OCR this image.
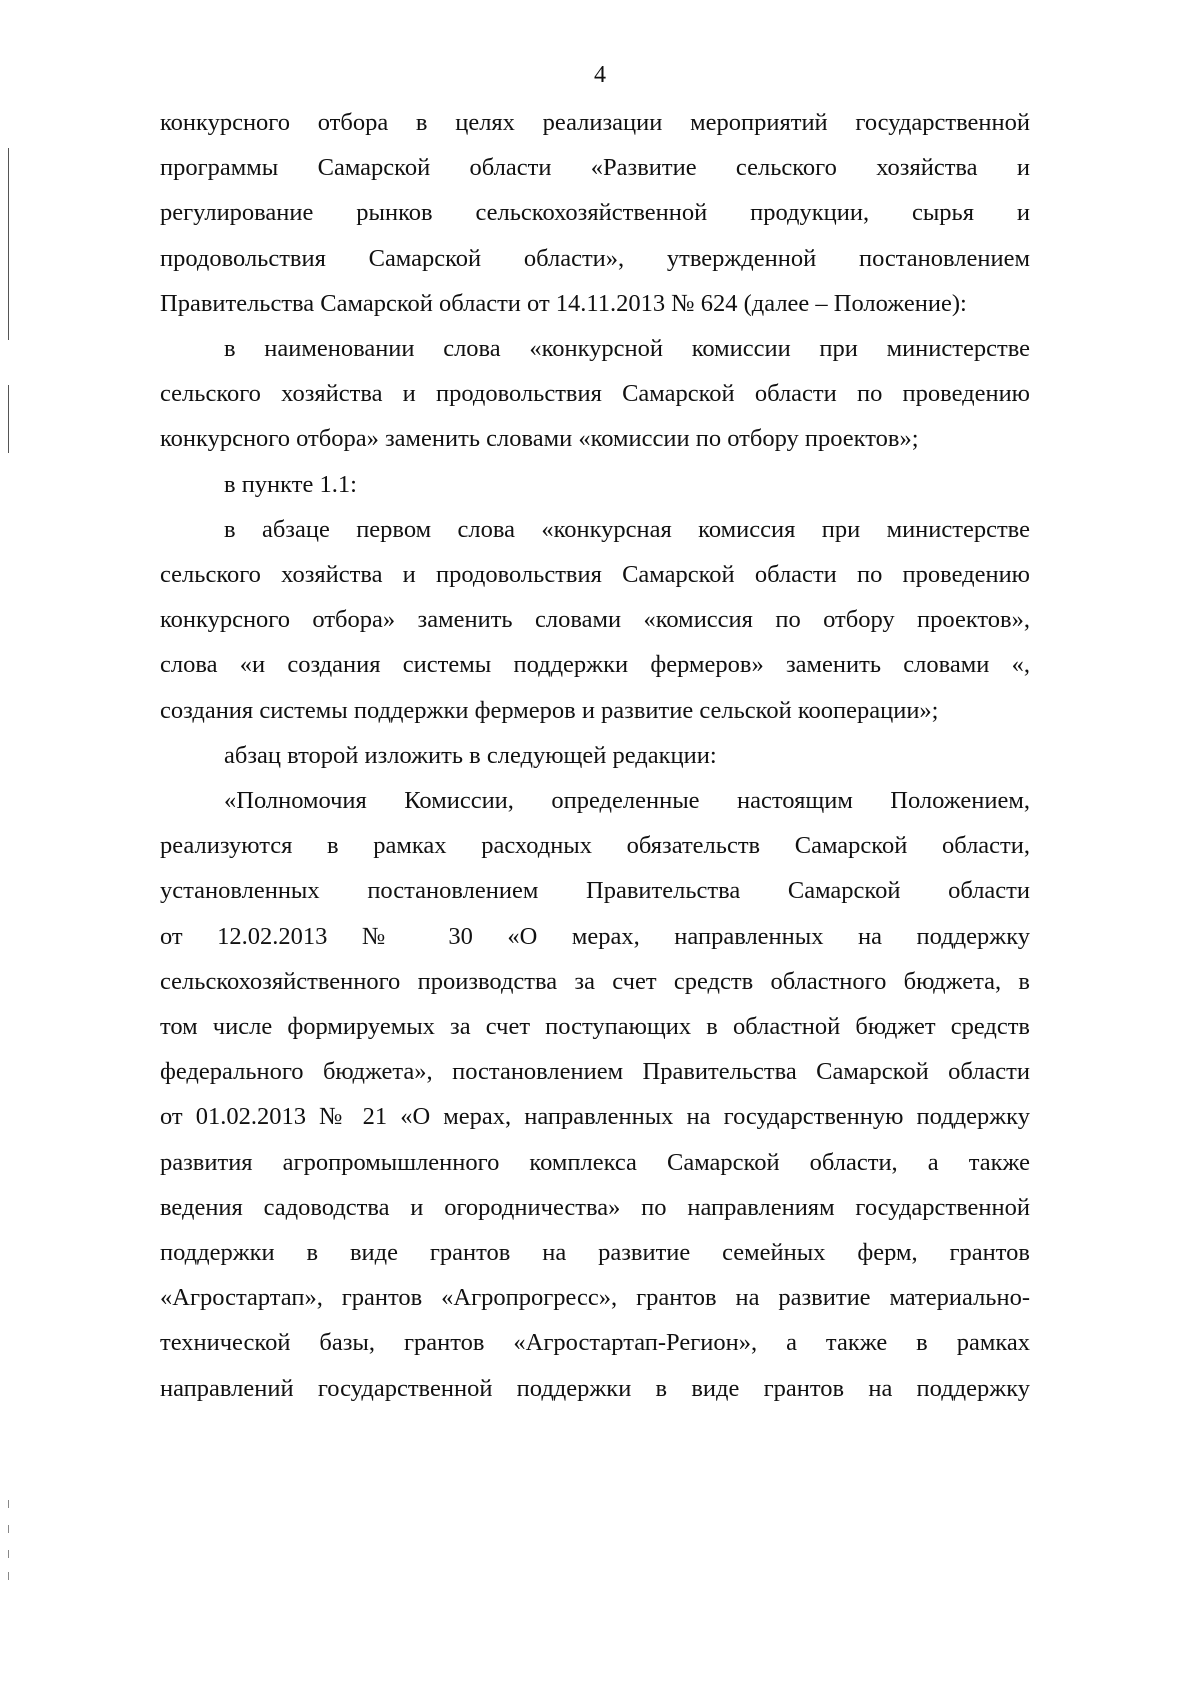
4
конкурсного отбора в целях реализации мероприятий государственной
программы Самарской области «Развитие сельского хозяйства и
регулирование рынков сельскохозяйственной продукции, сырья и
продовольствия Самарской области», утвержденной постановлением
Правительства Самарской области от 14.11.2013 № 624 (далее – Положение):
в наименовании слова «конкурсной комиссии при министерстве
сельского хозяйства и продовольствия Самарской области по проведению
конкурсного отбора» заменить словами «комиссии по отбору проектов»;
в пункте 1.1:
в абзаце первом слова «конкурсная комиссия при министерстве
сельского хозяйства и продовольствия Самарской области по проведению
конкурсного отбора» заменить словами «комиссия по отбору проектов»,
слова «и создания системы поддержки фермеров» заменить словами «,
создания системы поддержки фермеров и развитие сельской кооперации»;
абзац второй изложить в следующей редакции:
«Полномочия Комиссии, определенные настоящим Положением,
реализуются в рамках расходных обязательств Самарской области,
установленных постановлением Правительства Самарской области
от 12.02.2013 № 30 «О мерах, направленных на поддержку
сельскохозяйственного производства за счет средств областного бюджета, в
том числе формируемых за счет поступающих в областной бюджет средств
федерального бюджета», постановлением Правительства Самарской области
от 01.02.2013 № 21 «О мерах, направленных на государственную поддержку
развития агропромышленного комплекса Самарской области, а также
ведения садоводства и огородничества» по направлениям государственной
поддержки в виде грантов на развитие семейных ферм, грантов
«Агростартап», грантов «Агропрогресс», грантов на развитие материально-
технической базы, грантов «Агростартап-Регион», а также в рамках
направлений государственной поддержки в виде грантов на поддержку
